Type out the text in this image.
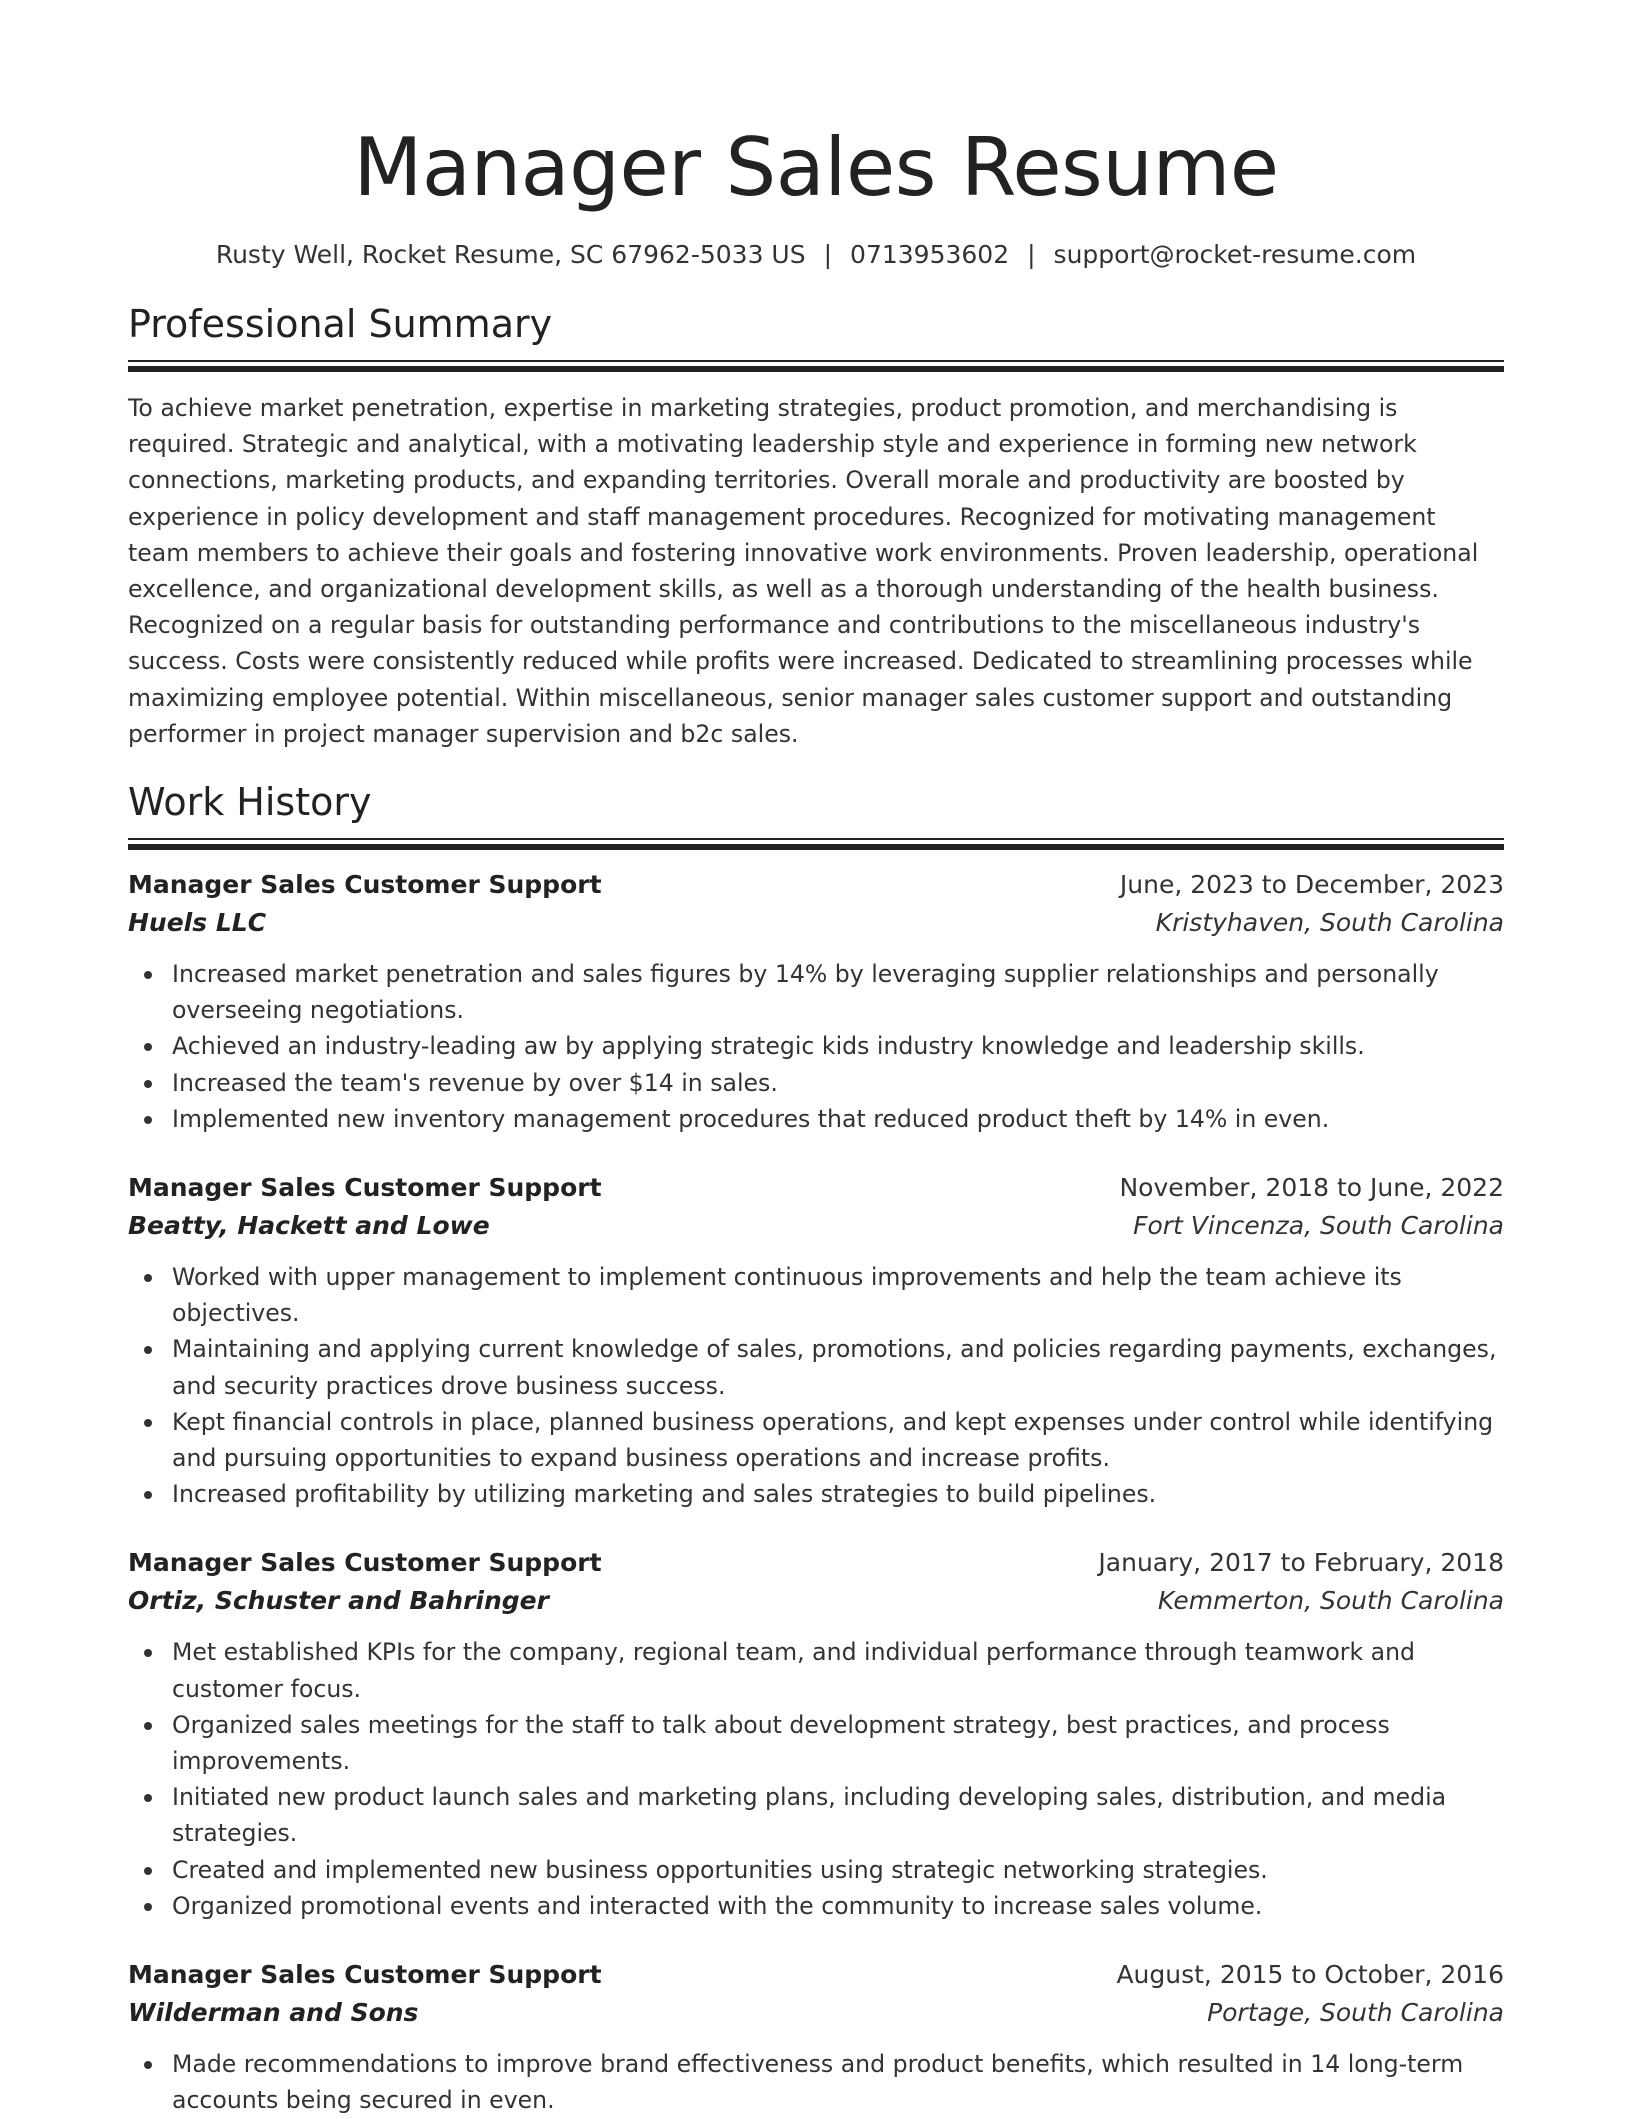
Manager Sales Resume
Rusty Well, Rocket Resume, SC 67962-5033 US | 0713953602 | support@rocket-resume.com
Professional Summary

To achieve market penetration, expertise in marketing strategies, product promotion, and merchandising is required. Strategic and analytical, with a motivating leadership style and experience in forming new network connections, marketing products, and expanding territories. Overall morale and productivity are boosted by experience in policy development and staff management procedures. Recognized for motivating management team members to achieve their goals and fostering innovative work environments. Proven leadership, operational excellence, and organizational development skills, as well as a thorough understanding of the health business. Recognized on a regular basis for outstanding performance and contributions to the miscellaneous industry's success. Costs were consistently reduced while profits were increased. Dedicated to streamlining processes while maximizing employee potential. Within miscellaneous, senior manager sales customer support and outstanding performer in project manager supervision and b2c sales.

Work History
Manager Sales Customer Support	June, 2023 to December, 2023
Huels LLC	Kristyhaven, South Carolina
Increased market penetration and sales figures by 14% by leveraging supplier relationships and personally overseeing negotiations.
Achieved an industry-leading aw by applying strategic kids industry knowledge and leadership skills.
Increased the team's revenue by over $14 in sales.
Implemented new inventory management procedures that reduced product theft by 14% in even.
Manager Sales Customer Support	November, 2018 to June, 2022
Beatty, Hackett and Lowe	Fort Vincenza, South Carolina
Worked with upper management to implement continuous improvements and help the team achieve its objectives.
Maintaining and applying current knowledge of sales, promotions, and policies regarding payments, exchanges, and security practices drove business success.
Kept financial controls in place, planned business operations, and kept expenses under control while identifying and pursuing opportunities to expand business operations and increase profits.
Increased profitability by utilizing marketing and sales strategies to build pipelines.
Manager Sales Customer Support	January, 2017 to February, 2018
Ortiz, Schuster and Bahringer	Kemmerton, South Carolina
Met established KPIs for the company, regional team, and individual performance through teamwork and customer focus.
Organized sales meetings for the staff to talk about development strategy, best practices, and process improvements.
Initiated new product launch sales and marketing plans, including developing sales, distribution, and media strategies.
Created and implemented new business opportunities using strategic networking strategies.
Organized promotional events and interacted with the community to increase sales volume.
Manager Sales Customer Support	August, 2015 to October, 2016
Wilderman and Sons	Portage, South Carolina
Made recommendations to improve brand effectiveness and product benefits, which resulted in 14 long-term accounts being secured in even.
